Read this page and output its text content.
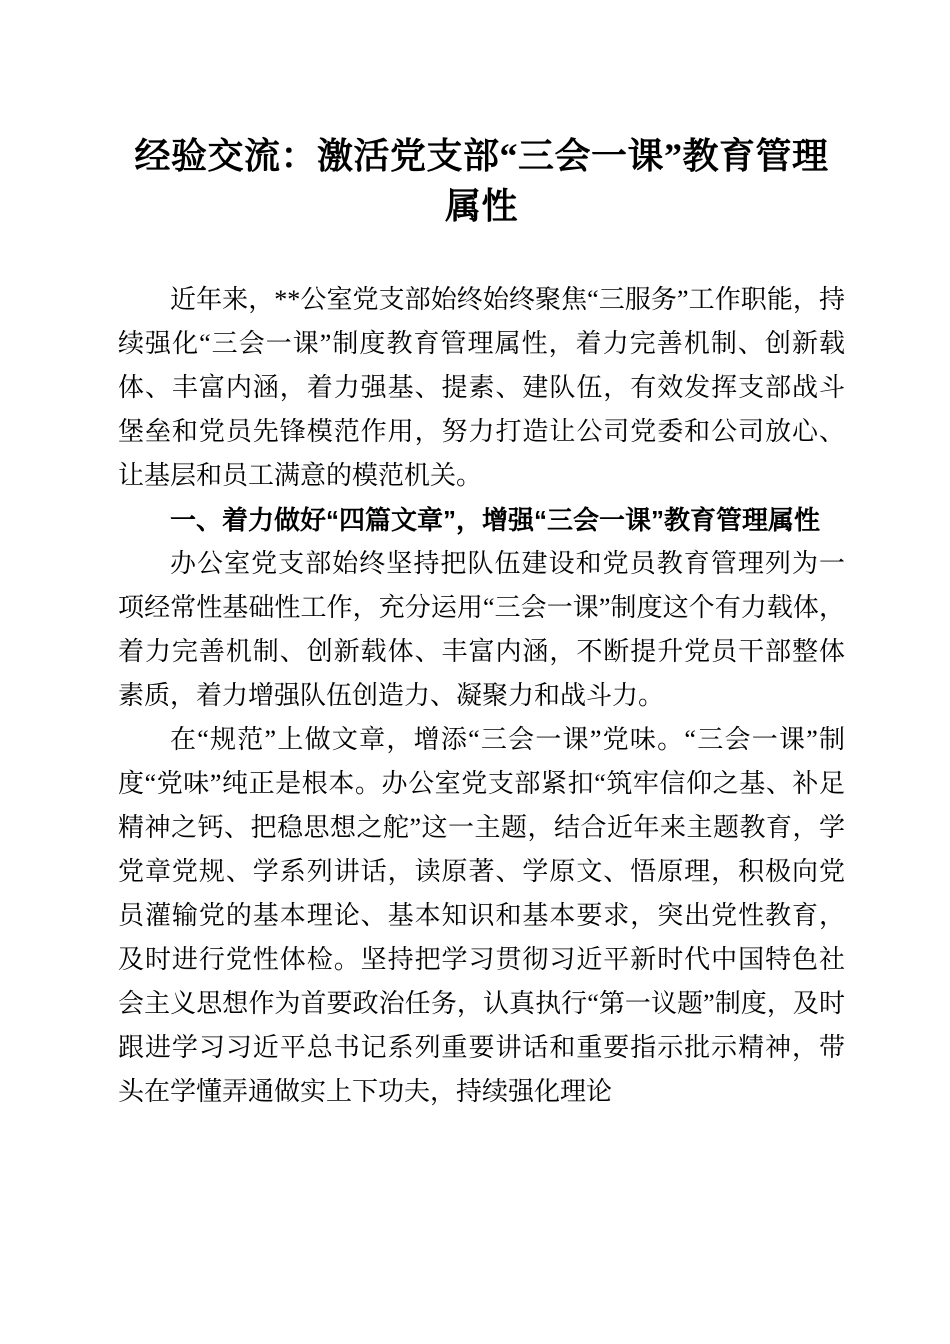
经验交流：激活党支部“三会一课”教育管理属性

近年来，**公室党支部始终始终聚焦“三服务”工作职能，持续强化“三会一课”制度教育管理属性，着力完善机制、创新载体、丰富内涵，着力强基、提素、建队伍，有效发挥支部战斗堡垒和党员先锋模范作用，努力打造让公司党委和公司放心、让基层和员工满意的模范机关。

一、着力做好“四篇文章”，增强“三会一课”教育管理属性

办公室党支部始终坚持把队伍建设和党员教育管理列为一项经常性基础性工作，充分运用“三会一课”制度这个有力载体，着力完善机制、创新载体、丰富内涵，不断提升党员干部整体素质，着力增强队伍创造力、凝聚力和战斗力。

在“规范”上做文章，增添“三会一课”党味。“三会一课”制度“党味”纯正是根本。办公室党支部紧扣“筑牢信仰之基、补足精神之钙、把稳思想之舵”这一主题，结合近年来主题教育，学党章党规、学系列讲话，读原著、学原文、悟原理，积极向党员灌输党的基本理论、基本知识和基本要求，突出党性教育，及时进行党性体检。坚持把学习贯彻习近平新时代中国特色社会主义思想作为首要政治任务，认真执行“第一议题”制度，及时跟进学习习近平总书记系列重要讲话和重要指示批示精神，带头在学懂弄通做实上下功夫，持续强化理论
